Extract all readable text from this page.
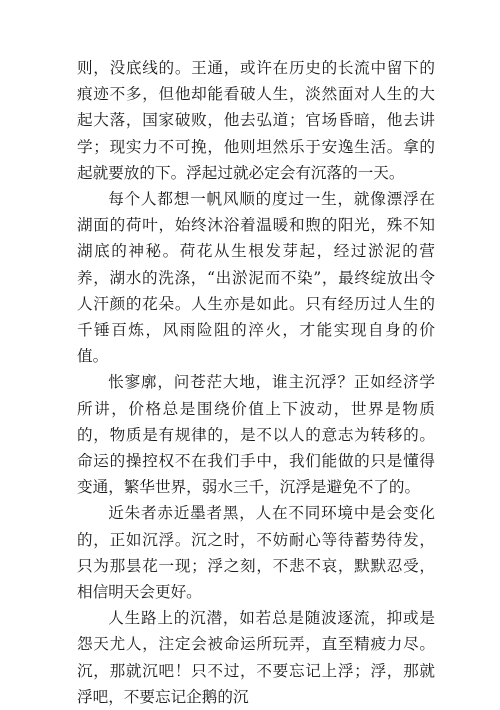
则，没底线的。王通，或许在历史的长流中留下的痕迹不多，但他却能看破人生，淡然面对人生的大起大落，国家破败，他去弘道；官场昏暗，他去讲学；现实力不可挽，他则坦然乐于安逸生活。拿的起就要放的下。浮起过就必定会有沉落的一天。

每个人都想一帆风顺的度过一生，就像漂浮在湖面的荷叶，始终沐浴着温暖和煦的阳光，殊不知湖底的神秘。荷花从生根发芽起，经过淤泥的营养，湖水的洗涤，“出淤泥而不染”，最终绽放出令人汗颜的花朵。人生亦是如此。只有经历过人生的千锤百炼，风雨险阻的淬火，才能实现自身的价值。

怅寥廓，问苍茫大地，谁主沉浮？正如经济学所讲，价格总是围绕价值上下波动，世界是物质的，物质是有规律的，是不以人的意志为转移的。命运的操控权不在我们手中，我们能做的只是懂得变通，繁华世界，弱水三千，沉浮是避免不了的。

近朱者赤近墨者黑，人在不同环境中是会变化的，正如沉浮。沉之时，不妨耐心等待蓄势待发，只为那昙花一现；浮之刻，不悲不哀，默默忍受，相信明天会更好。

人生路上的沉潜，如若总是随波逐流，抑或是怨天尤人，注定会被命运所玩弄，直至精疲力尽。沉，那就沉吧！只不过，不要忘记上浮；浮，那就浮吧，不要忘记企鹅的沉
